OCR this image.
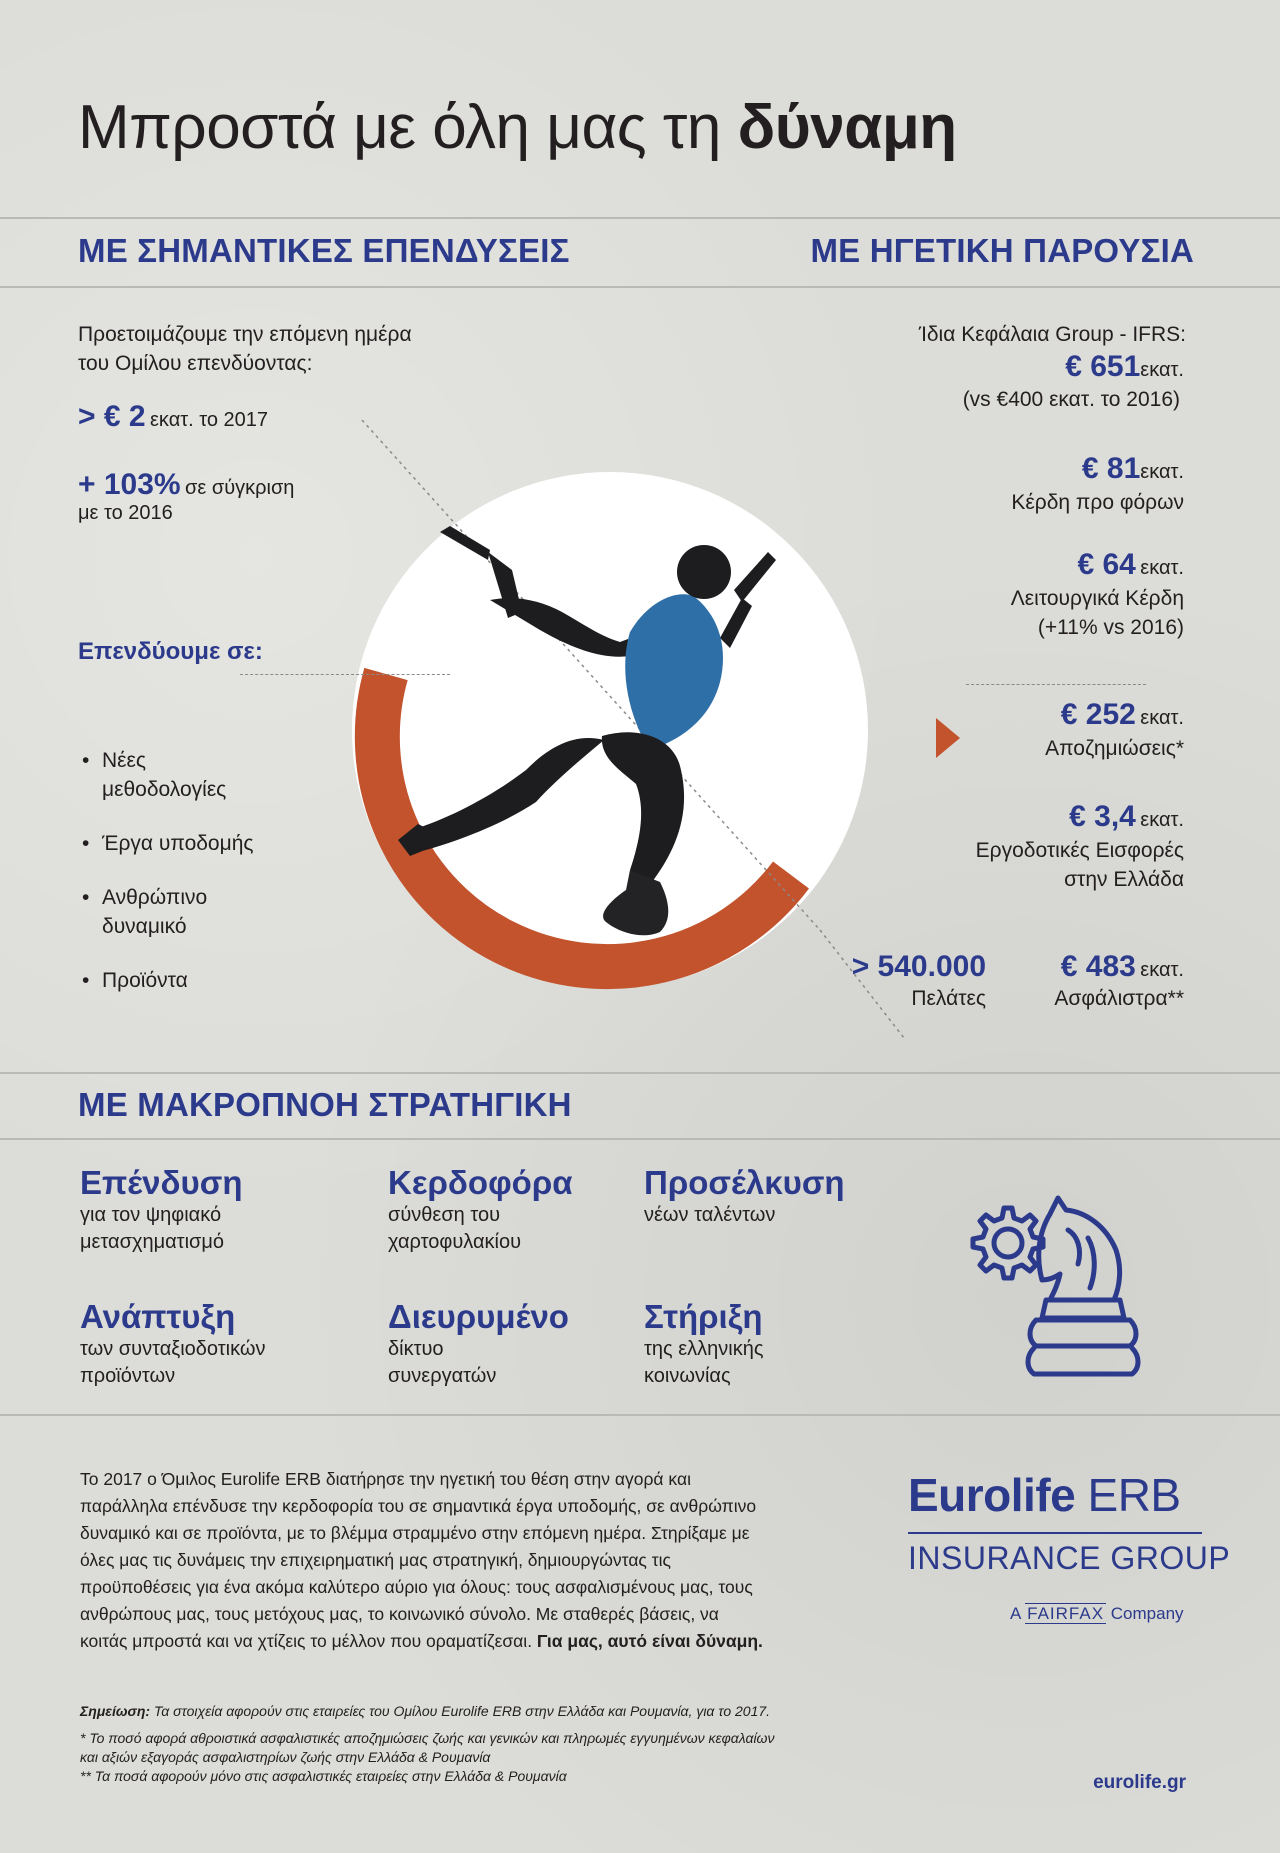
Μπροστά με όλη μας τη δύναμη
ΜΕ ΣΗΜΑΝΤΙΚΕΣ ΕΠΕΝΔΥΣΕΙΣ	ΜΕ ΗΓΕΤΙΚΗ ΠΑΡΟΥΣΙΑ
Προετοιμάζουμε την επόμενη ημέρα
του Ομίλου επενδύοντας:
> € 2 εκατ. το 2017
+ 103% σε σύγκριση
με το 2016
Επενδύουμε σε:
• Νέες
μεθοδολογίες
• Έργα υποδομής
• Ανθρώπινο
δυναμικό
• Προϊόντα
Ίδια Κεφάλαια Group - IFRS:
€ 651εκατ.
(vs €400 εκατ. το 2016)
€ 81εκατ.
Κέρδη προ φόρων
€ 64 εκατ.
Λειτουργικά Κέρδη
(+11% vs 2016)
€ 252 εκατ.
Αποζημιώσεις*
€ 3,4 εκατ.
Εργοδοτικές Εισφορές
στην Ελλάδα
> 540.000
Πελάτες
€ 483 εκατ.
Ασφάλιστρα**
ΜΕ ΜΑΚΡΟΠΝΟΗ ΣΤΡΑΤΗΓΙΚΗ
Επένδυση
για τον ψηφιακό
μετασχηματισμό
Κερδοφόρα
σύνθεση του
χαρτοφυλακίου
Προσέλκυση
νέων ταλέντων
Ανάπτυξη
των συνταξιοδοτικών
προϊόντων
Διευρυμένο
δίκτυο
συνεργατών
Στήριξη
της ελληνικής
κοινωνίας
Το 2017 ο Όμιλος Eurolife ERB διατήρησε την ηγετική του θέση στην αγορά και
παράλληλα επένδυσε την κερδοφορία του σε σημαντικά έργα υποδομής, σε ανθρώπινο
δυναμικό και σε προϊόντα, με το βλέμμα στραμμένο στην επόμενη ημέρα. Στηρίξαμε με
όλες μας τις δυνάμεις την επιχειρηματική μας στρατηγική, δημιουργώντας τις
προϋποθέσεις για ένα ακόμα καλύτερο αύριο για όλους: τους ασφαλισμένους μας, τους
ανθρώπους μας, τους μετόχους μας, το κοινωνικό σύνολο. Με σταθερές βάσεις, να
κοιτάς μπροστά και να χτίζεις το μέλλον που οραματίζεσαι. Για μας, αυτό είναι δύναμη.
Eurolife ERB
INSURANCE GROUP
A FAIRFAX Company
Σημείωση: Τα στοιχεία αφορούν στις εταιρείες του Ομίλου Eurolife ERB στην Ελλάδα και Ρουμανία, για το 2017.
* Το ποσό αφορά αθροιστικά ασφαλιστικές αποζημιώσεις ζωής και γενικών και πληρωμές εγγυημένων κεφαλαίων
και αξιών εξαγοράς ασφαλιστηρίων ζωής στην Ελλάδα & Ρουμανία
** Τα ποσά αφορούν μόνο στις ασφαλιστικές εταιρείες στην Ελλάδα & Ρουμανία	eurolife.gr
